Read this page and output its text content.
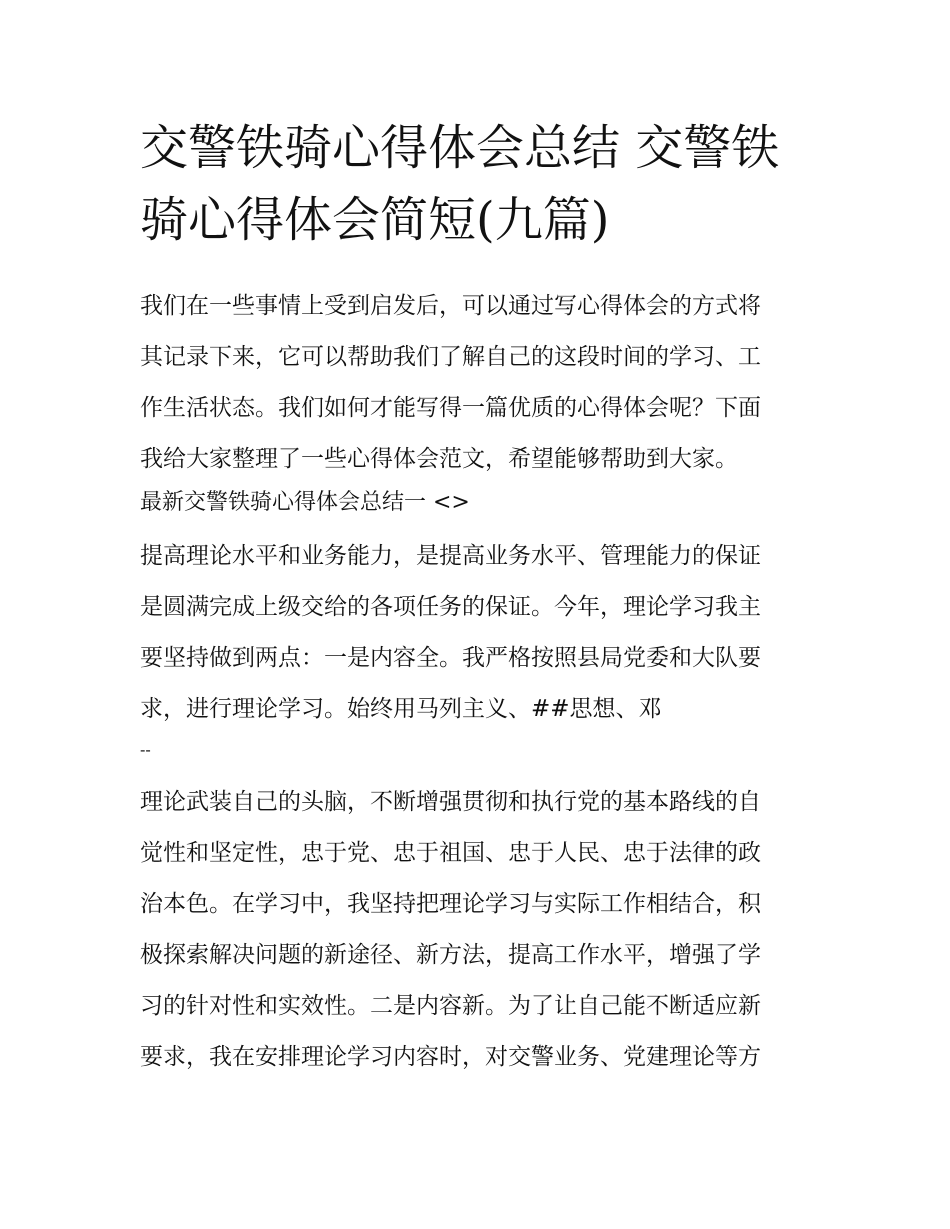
交警铁骑心得体会总结 交警铁
骑心得体会简短(九篇)

我们在一些事情上受到启发后，可以通过写心得体会的方式将
其记录下来，它可以帮助我们了解自己的这段时间的学习、工
作生活状态。我们如何才能写得一篇优质的心得体会呢？下面
我给大家整理了一些心得体会范文，希望能够帮助到大家。

最新交警铁骑心得体会总结一 <>

提高理论水平和业务能力，是提高业务水平、管理能力的保证
是圆满完成上级交给的各项任务的保证。今年，理论学习我主
要坚持做到两点：一是内容全。我严格按照县局党委和大队要
求，进行理论学习。始终用马列主义、##思想、邓

--

理论武装自己的头脑，不断增强贯彻和执行党的基本路线的自
觉性和坚定性，忠于党、忠于祖国、忠于人民、忠于法律的政
治本色。在学习中，我坚持把理论学习与实际工作相结合，积
极探索解决问题的新途径、新方法，提高工作水平，增强了学
习的针对性和实效性。二是内容新。为了让自己能不断适应新
要求，我在安排理论学习内容时，对交警业务、党建理论等方
